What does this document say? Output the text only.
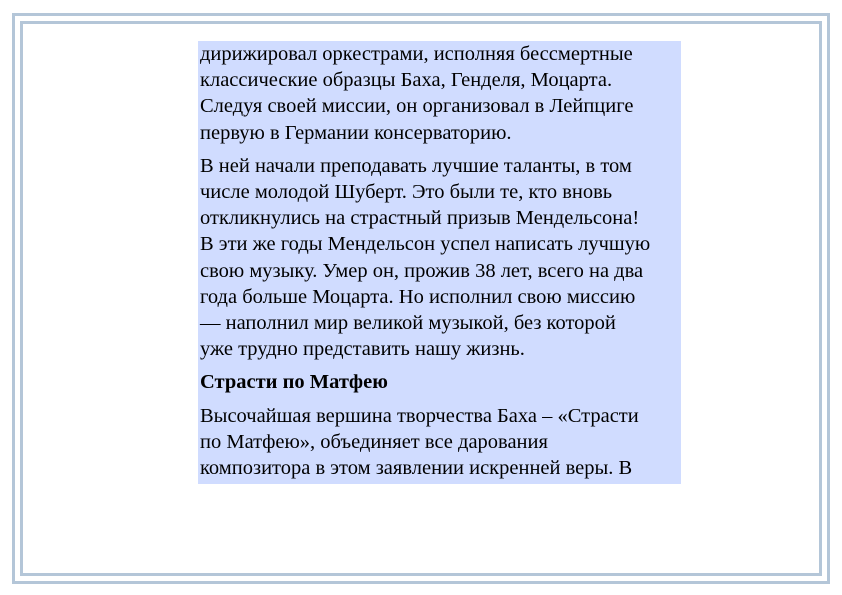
дирижировал оркестрами, исполняя бессмертные
классические образцы Баха, Генделя, Моцарта.
Следуя своей миссии, он организовал в Лейпциге
первую в Германии консерваторию.

В ней начали преподавать лучшие таланты, в том
числе молодой Шуберт. Это были те, кто вновь
откликнулись на страстный призыв Мендельсона!
В эти же годы Мендельсон успел написать лучшую
свою музыку. Умер он, прожив 38 лет, всего на два
года больше Моцарта. Но исполнил свою миссию
— наполнил мир великой музыкой, без которой
уже трудно представить нашу жизнь.

Страсти по Матфею

Высочайшая вершина творчества Баха – «Страсти
по Матфею», объединяет все дарования
композитора в этом заявлении искренней веры. В
